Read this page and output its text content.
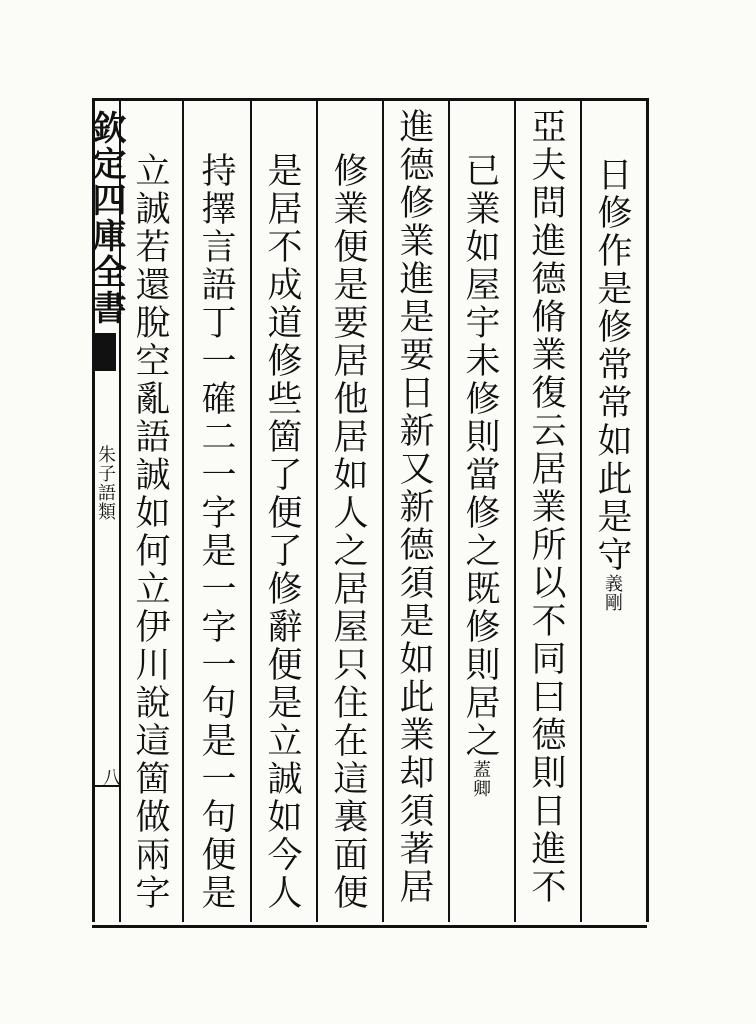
欽定四庫全書
朱子語類
八
日修作是修常常如此是守義剛
亞夫問進德脩業復云居業所以不同曰德則日進不
已業如屋宇未修則當修之既修則居之蓋卿
進德修業進是要日新又新德須是如此業却須著居
修業便是要居他居如人之居屋只住在這裏面便
是居不成道修些箇了便了修辭便是立誠如今人
持擇言語丁一確二一字是一字一句是一句便是
立誠若還脫空亂語誠如何立伊川說這箇做兩字
